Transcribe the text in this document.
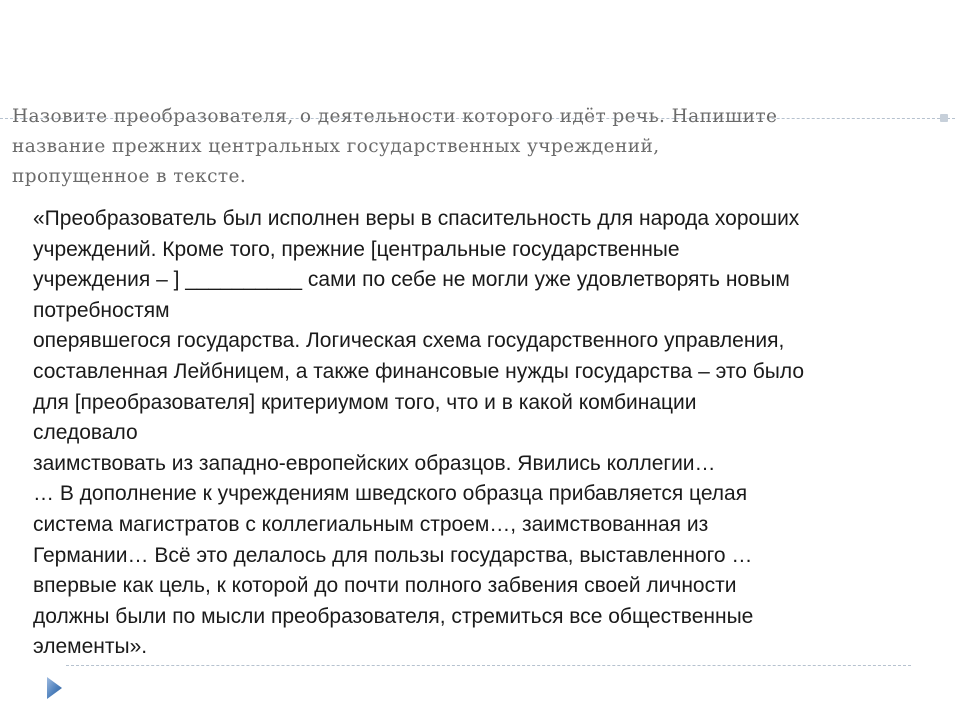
Назовите преобразователя, о деятельности которого идёт речь. Напишите
название прежних центральных государственных учреждений,
пропущенное в тексте.

«Преобразователь был исполнен веры в спасительность для народа хороших
учреждений. Кроме того, прежние [центральные государственные
учреждения – ] __________ сами по себе не могли уже удовлетворять новым
потребностям
оперявшегося государства. Логическая схема государственного управления,
составленная Лейбницем, а также финансовые нужды государства – это было
для [преобразователя] критериумом того, что и в какой комбинации
следовало
заимствовать из западно-европейских образцов. Явились коллегии…
… В дополнение к учреждениям шведского образца прибавляется целая
система магистратов с коллегиальным строем…, заимствованная из
Германии… Всё это делалось для пользы государства, выставленного …
впервые как цель, к которой до почти полного забвения своей личности
должны были по мысли преобразователя, стремиться все общественные
элементы».
